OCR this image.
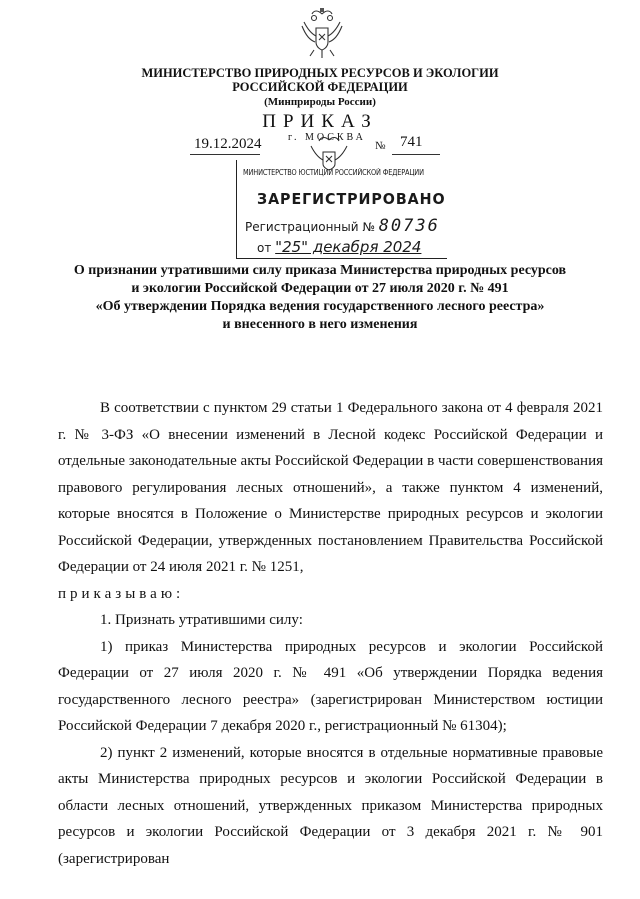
МИНИСТЕРСТВО ПРИРОДНЫХ РЕСУРСОВ И ЭКОЛОГИИ
РОССИЙСКОЙ ФЕДЕРАЦИИ
(Минприроды России)
ПРИКАЗ
19.12.2024	г. МОСКВА
№ 741
МИНИСТЕРСТВО ЮСТИЦИИ РОССИЙСКОЙ ФЕДЕРАЦИИ
ЗАРЕГИСТРИРОВАНО
Регистрационный № 80736
от "25" декабря 2024
О признании утратившими силу приказа Министерства природных ресурсов
и экологии Российской Федерации от 27 июля 2020 г. № 491
«Об утверждении Порядка ведения государственного лесного реестра»
и внесенного в него изменения

В соответствии с пунктом 29 статьи 1 Федерального закона от 4 февраля 2021 г. № 3-ФЗ «О внесении изменений в Лесной кодекс Российской Федерации и отдельные законодательные акты Российской Федерации в части совершенствования правового регулирования лесных отношений», а также пунктом 4 изменений, которые вносятся в Положение о Министерстве природных ресурсов и экологии Российской Федерации, утвержденных постановлением Правительства Российской Федерации от 24 июля 2021 г. № 1251,

приказываю:

1. Признать утратившими силу:

1) приказ Министерства природных ресурсов и экологии Российской Федерации от 27 июля 2020 г. № 491 «Об утверждении Порядка ведения государственного лесного реестра» (зарегистрирован Министерством юстиции Российской Федерации 7 декабря 2020 г., регистрационный № 61304);

2) пункт 2 изменений, которые вносятся в отдельные нормативные правовые акты Министерства природных ресурсов и экологии Российской Федерации в области лесных отношений, утвержденных приказом Министерства природных ресурсов и экологии Российской Федерации от 3 декабря 2021 г. № 901 (зарегистрирован
